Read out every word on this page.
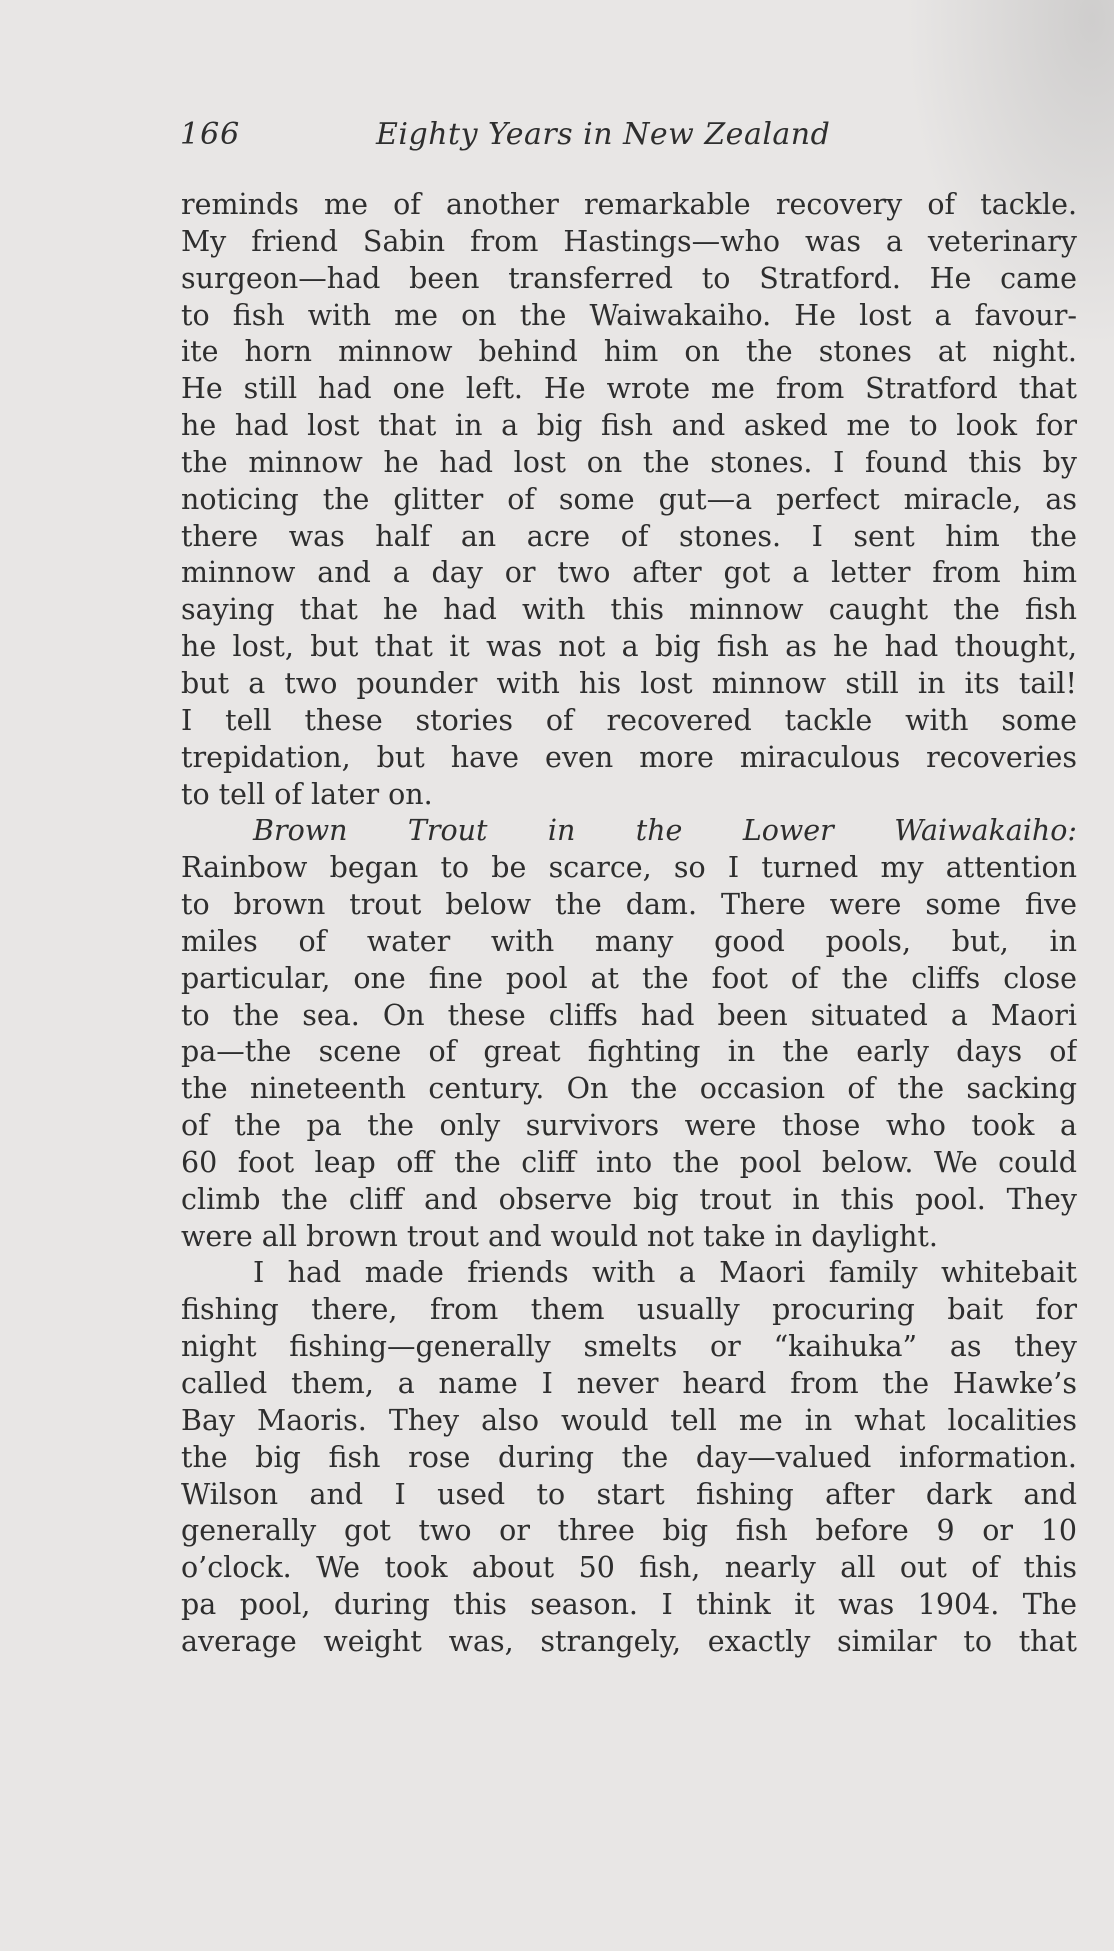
166	Eighty Years in New Zealand
reminds me of another remarkable recovery of tackle.
My friend Sabin from Hastings—who was a veterinary
surgeon—had been transferred to Stratford. He came
to fish with me on the Waiwakaiho. He lost a favour-
ite horn minnow behind him on the stones at night.
He still had one left. He wrote me from Stratford that
he had lost that in a big fish and asked me to look for
the minnow he had lost on the stones. I found this by
noticing the glitter of some gut—a perfect miracle, as
there was half an acre of stones. I sent him the
minnow and a day or two after got a letter from him
saying that he had with this minnow caught the fish
he lost, but that it was not a big fish as he had thought,
but a two pounder with his lost minnow still in its tail!
I tell these stories of recovered tackle with some
trepidation, but have even more miraculous recoveries
to tell of later on.
Brown Trout in the Lower Waiwakaiho:
Rainbow began to be scarce, so I turned my attention
to brown trout below the dam. There were some five
miles of water with many good pools, but, in
particular, one fine pool at the foot of the cliffs close
to the sea. On these cliffs had been situated a Maori
pa—the scene of great fighting in the early days of
the nineteenth century. On the occasion of the sacking
of the pa the only survivors were those who took a
60 foot leap off the cliff into the pool below. We could
climb the cliff and observe big trout in this pool. They
were all brown trout and would not take in daylight.
I had made friends with a Maori family whitebait
fishing there, from them usually procuring bait for
night fishing—generally smelts or “kaihuka” as they
called them, a name I never heard from the Hawke’s
Bay Maoris. They also would tell me in what localities
the big fish rose during the day—valued information.
Wilson and I used to start fishing after dark and
generally got two or three big fish before 9 or 10
o’clock. We took about 50 fish, nearly all out of this
pa pool, during this season. I think it was 1904. The
average weight was, strangely, exactly similar to that
